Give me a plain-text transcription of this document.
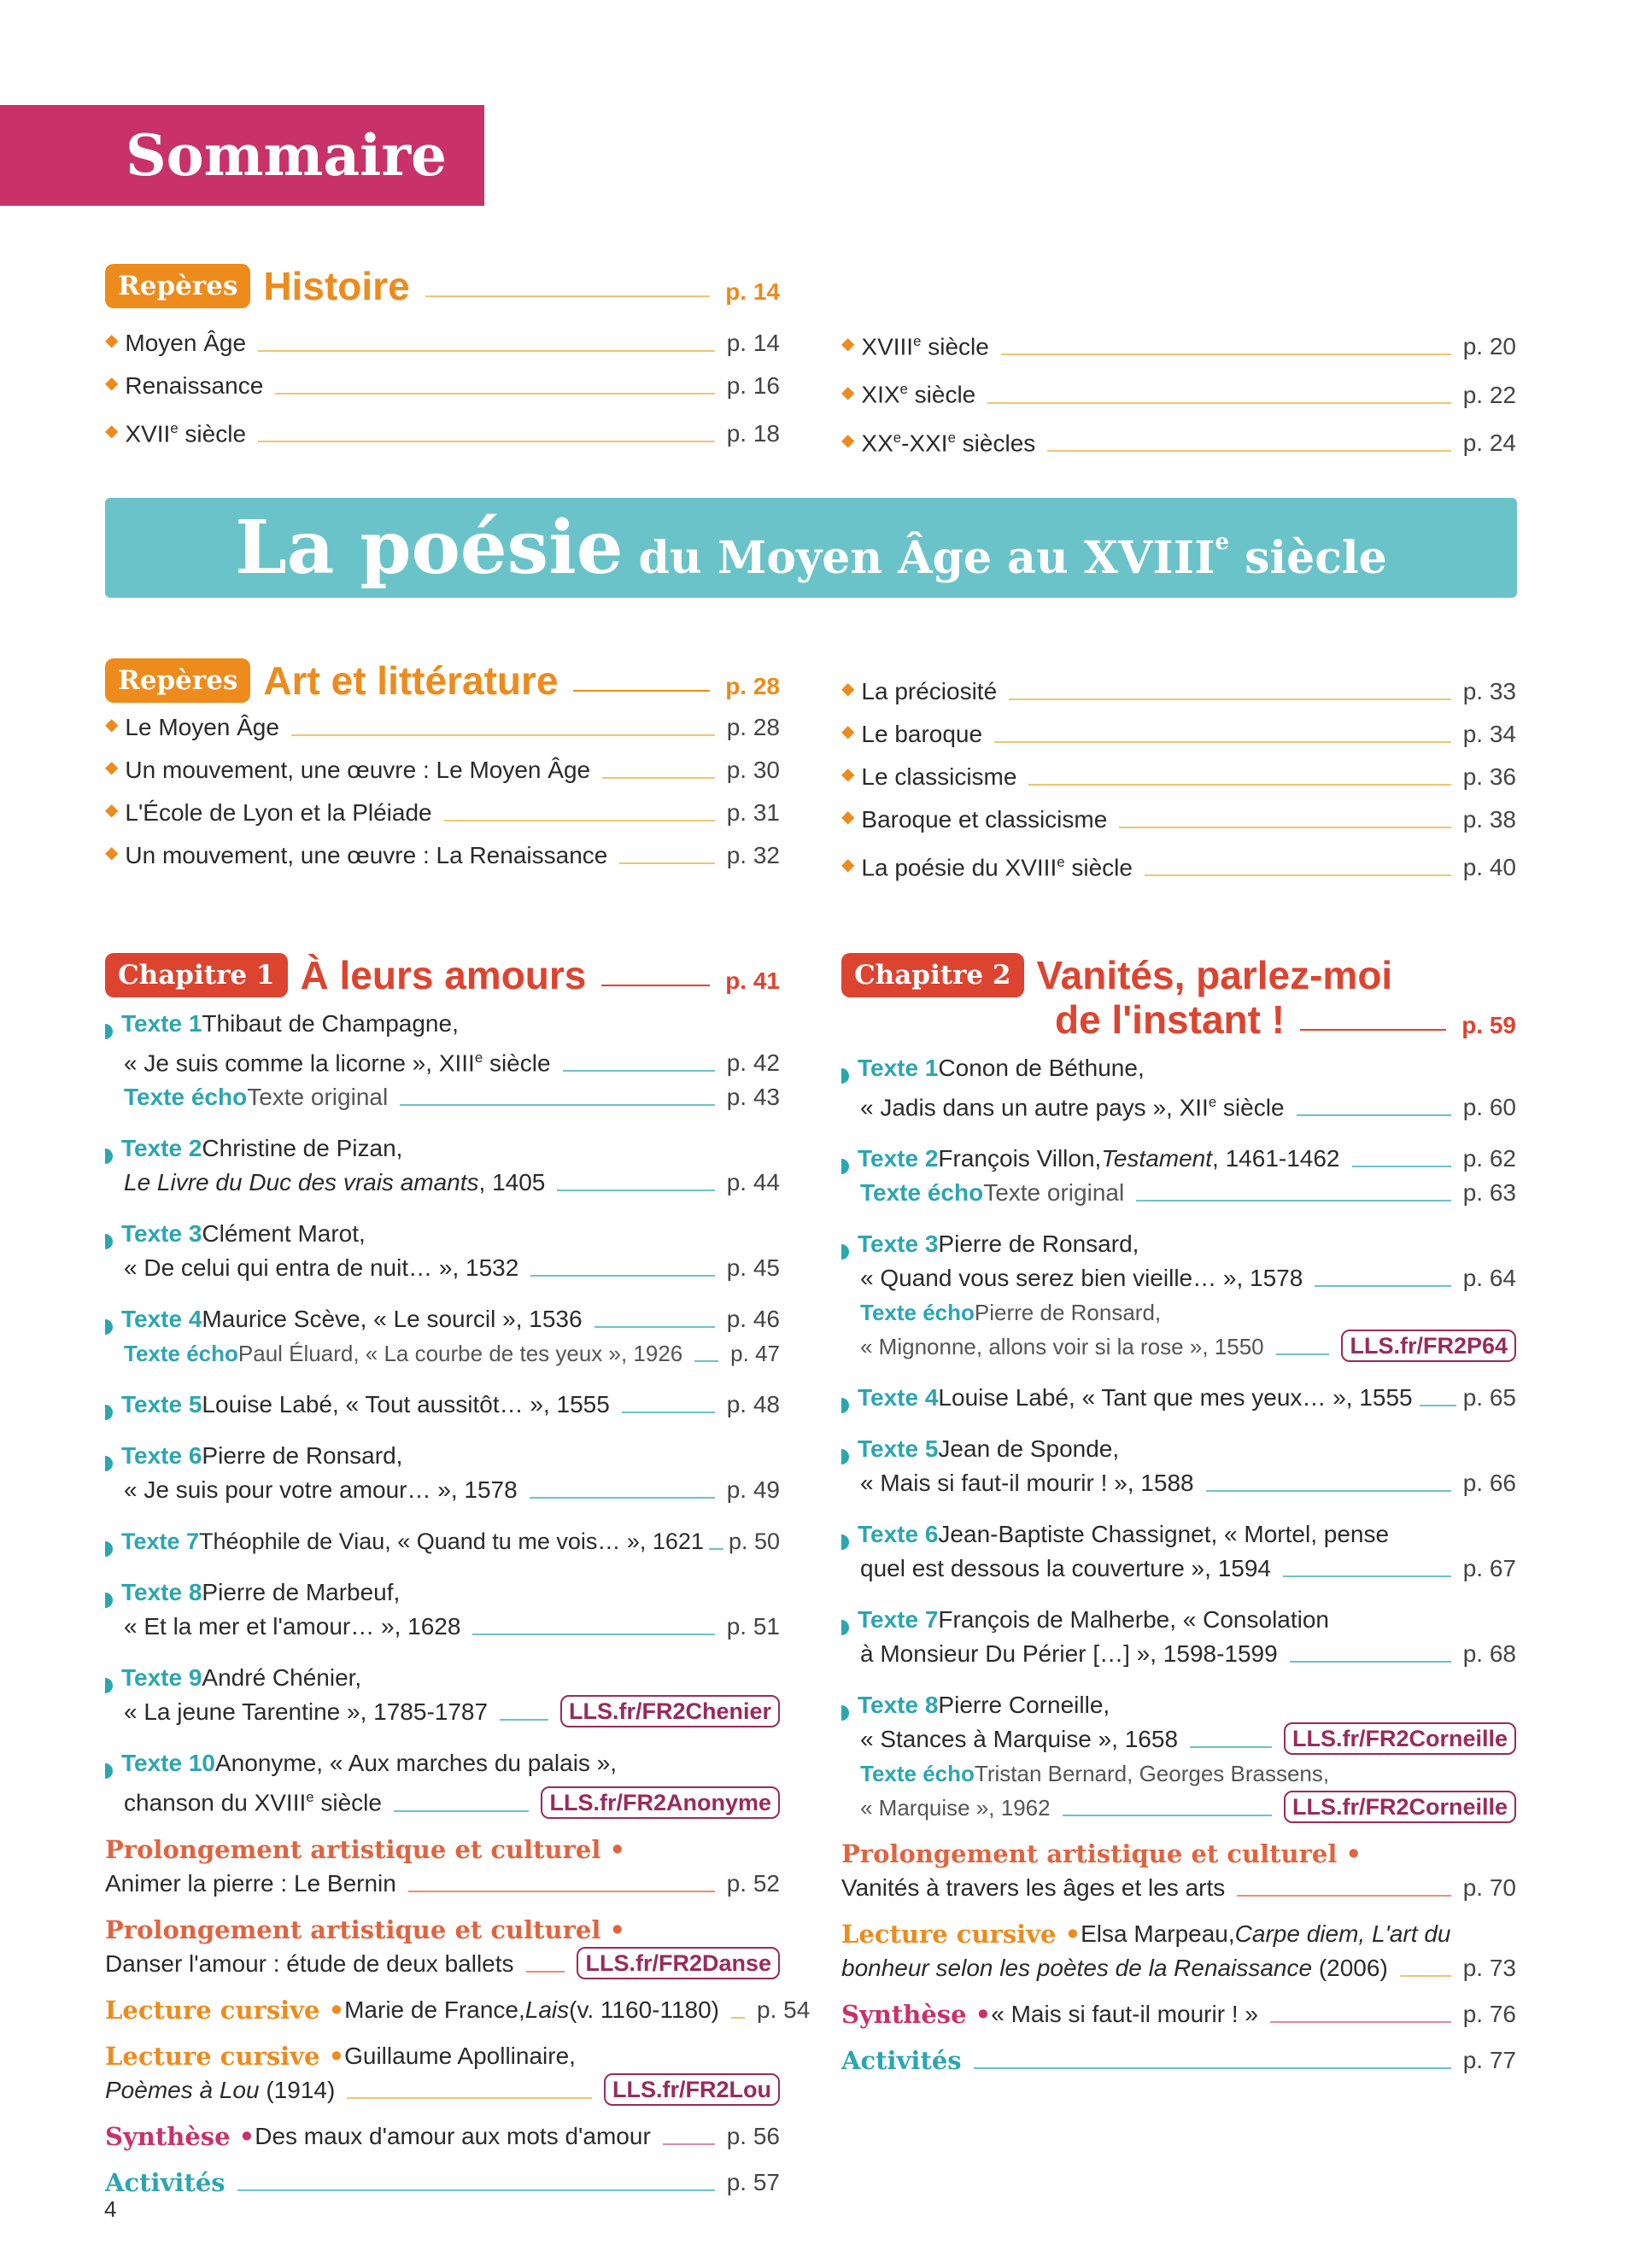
Sommaire
Repères Histoire	p. 14
◆ Moyen Âge	p. 14
◆ Renaissance	p. 16
◆ XVIIe siècle	p. 18
◆ XVIIIe siècle	p. 20
◆ XIXe siècle	p. 22
◆ XXe-XXIe siècles	p. 24
La poésie du Moyen Âge au XVIIIe siècle
Repères Art et littérature	p. 28
◆ Le Moyen Âge	p. 28
◆ Un mouvement, une œuvre : Le Moyen Âge	p. 30
◆ L'École de Lyon et la Pléiade	p. 31
◆ Un mouvement, une œuvre : La Renaissance	p. 32
◆ La préciosité	p. 33
◆ Le baroque	p. 34
◆ Le classicisme	p. 36
◆ Baroque et classicisme	p. 38
◆ La poésie du XVIIIe siècle	p. 40
Chapitre 1 À leurs amours	p. 41
Texte 1 Thibaut de Champagne,
« Je suis comme la licorne », XIIIe siècle	p. 42
Texte écho Texte original	p. 43
Texte 2 Christine de Pizan,
Le Livre du Duc des vrais amants, 1405	p. 44
Texte 3 Clément Marot,
« De celui qui entra de nuit… », 1532	p. 45
Texte 4 Maurice Scève, « Le sourcil », 1536	p. 46
Texte écho Paul Éluard, « La courbe de tes yeux », 1926 p. 47
Texte 5 Louise Labé, « Tout aussitôt… », 1555	p. 48
Texte 6 Pierre de Ronsard,
« Je suis pour votre amour… », 1578	p. 49
Texte 7 Théophile de Viau, « Quand tu me vois… », 1621 p. 50
Texte 8 Pierre de Marbeuf,
« Et la mer et l'amour… », 1628	p. 51
Texte 9 André Chénier,
« La jeune Tarentine », 1785-1787	LLS.fr/FR2Chenier
Texte 10 Anonyme, « Aux marches du palais »,
chanson du XVIIIe siècle	LLS.fr/FR2Anonyme
Prolongement artistique et culturel •
Animer la pierre : Le Bernin	p. 52
Prolongement artistique et culturel •
Danser l'amour : étude de deux ballets	LLS.fr/FR2Danse
Lecture cursive • Marie de France, Lais (v. 1160-1180) p. 54
Lecture cursive • Guillaume Apollinaire,
Poèmes à Lou (1914)	LLS.fr/FR2Lou
Synthèse • Des maux d'amour aux mots d'amour	p. 56
Activités	p. 57
Chapitre 2 Vanités, parlez-moi
de l'instant !	p. 59
Texte 1 Conon de Béthune,
« Jadis dans un autre pays », XIIe siècle	p. 60
Texte 2 François Villon, Testament , 1461-1462	p. 62
Texte écho Texte original	p. 63
Texte 3 Pierre de Ronsard,
« Quand vous serez bien vieille… », 1578	p. 64
Texte écho Pierre de Ronsard,
« Mignonne, allons voir si la rose », 1550	LLS.fr/FR2P64
Texte 4 Louise Labé, « Tant que mes yeux… », 1555 p. 65
Texte 5 Jean de Sponde,
« Mais si faut-il mourir ! », 1588	p. 66
Texte 6 Jean-Baptiste Chassignet, « Mortel, pense
quel est dessous la couverture », 1594	p. 67
Texte 7 François de Malherbe, « Consolation
à Monsieur Du Périer […] », 1598-1599	p. 68
Texte 8 Pierre Corneille,
« Stances à Marquise », 1658	LLS.fr/FR2Corneille
Texte écho Tristan Bernard, Georges Brassens,
« Marquise », 1962	LLS.fr/FR2Corneille
Prolongement artistique et culturel •
Vanités à travers les âges et les arts	p. 70
Lecture cursive • Elsa Marpeau, Carpe diem, L'art du
bonheur selon les poètes de la Renaissance (2006)	p. 73
Synthèse • « Mais si faut-il mourir ! »	p. 76
Activités	p. 77
4
